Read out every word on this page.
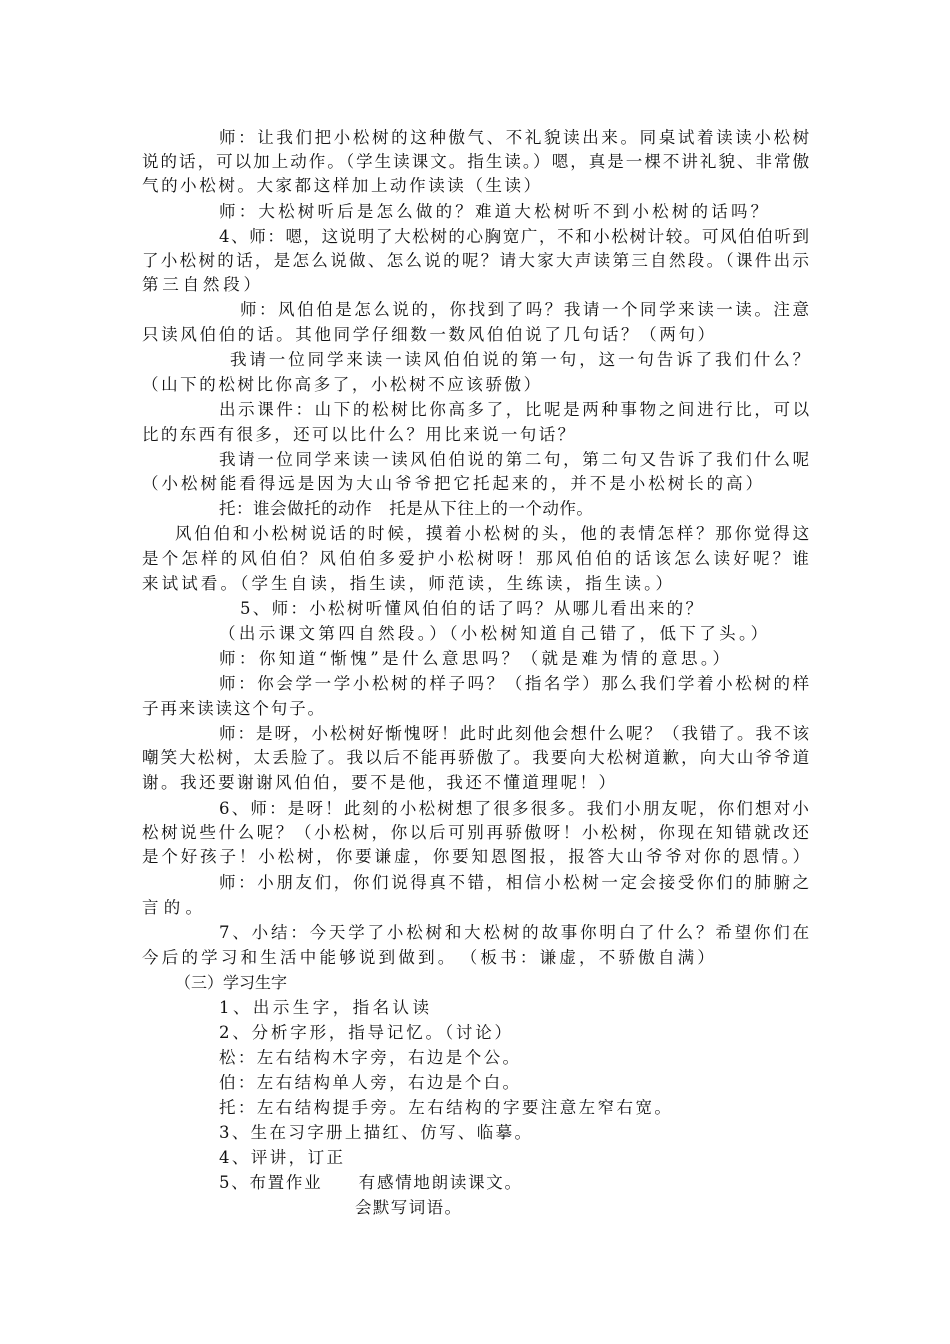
师：让我们把小松树的这种傲气、不礼貌读出来。同桌试着读读小松树
说的话，可以加上动作。（学生读课文。指生读。）嗯，真是一棵不讲礼貌、非常傲
气的小松树。大家都这样加上动作读读（生读）
师：大松树听后是怎么做的？难道大松树听不到小松树的话吗？
4、师：嗯，这说明了大松树的心胸宽广，不和小松树计较。可风伯伯听到
了小松树的话，是怎么说做、怎么说的呢？请大家大声读第三自然段。（课件出示
第三自然段）
师：风伯伯是怎么说的，你找到了吗？我请一个同学来读一读。注意
只读风伯伯的话。其他同学仔细数一数风伯伯说了几句话？（两句）
我请一位同学来读一读风伯伯说的第一句，这一句告诉了我们什么？
（山下的松树比你高多了，小松树不应该骄傲）
出示课件：山下的松树比你高多了，比呢是两种事物之间进行比，可以
比的东西有很多，还可以比什么？用比来说一句话？
我请一位同学来读一读风伯伯说的第二句，第二句又告诉了我们什么呢
（小松树能看得远是因为大山爷爷把它托起来的，并不是小松树长的高）
托：谁会做托的动作　托是从下往上的一个动作。
风伯伯和小松树说话的时候，摸着小松树的头，他的表情怎样？那你觉得这
是个怎样的风伯伯？风伯伯多爱护小松树呀！那风伯伯的话该怎么读好呢？谁
来试试看。（学生自读，指生读，师范读，生练读，指生读。）
5、师：小松树听懂风伯伯的话了吗？从哪儿看出来的？
（出示课文第四自然段。）（小松树知道自己错了，低下了头。）
师：你知道“惭愧”是什么意思吗？（就是难为情的意思。）
师：你会学一学小松树的样子吗？（指名学）那么我们学着小松树的样
子再来读读这个句子。
师：是呀，小松树好惭愧呀！此时此刻他会想什么呢？（我错了。我不该
嘲笑大松树，太丢脸了。我以后不能再骄傲了。我要向大松树道歉，向大山爷爷道
谢。我还要谢谢风伯伯，要不是他，我还不懂道理呢！）
6、师：是呀！此刻的小松树想了很多很多。我们小朋友呢，你们想对小
松树说些什么呢？（小松树，你以后可别再骄傲呀！小松树，你现在知错就改还
是个好孩子！小松树，你要谦虚，你要知恩图报，报答大山爷爷对你的恩情。）
师：小朋友们，你们说得真不错，相信小松树一定会接受你们的肺腑之
言的。
7、小结：今天学了小松树和大松树的故事你明白了什么？希望你们在
今后的学习和生活中能够说到做到。　（板书：谦虚，不骄傲自满）
（三）学习生字
1、出示生字，指名认读
2、分析字形，指导记忆。（讨论）
松：左右结构木字旁，右边是个公。
伯：左右结构单人旁，右边是个白。
托：左右结构提手旁。左右结构的字要注意左窄右宽。
3、生在习字册上描红、仿写、临摹。
4、评讲，订正
5、布置作业　　有感情地朗读课文。
会默写词语。
